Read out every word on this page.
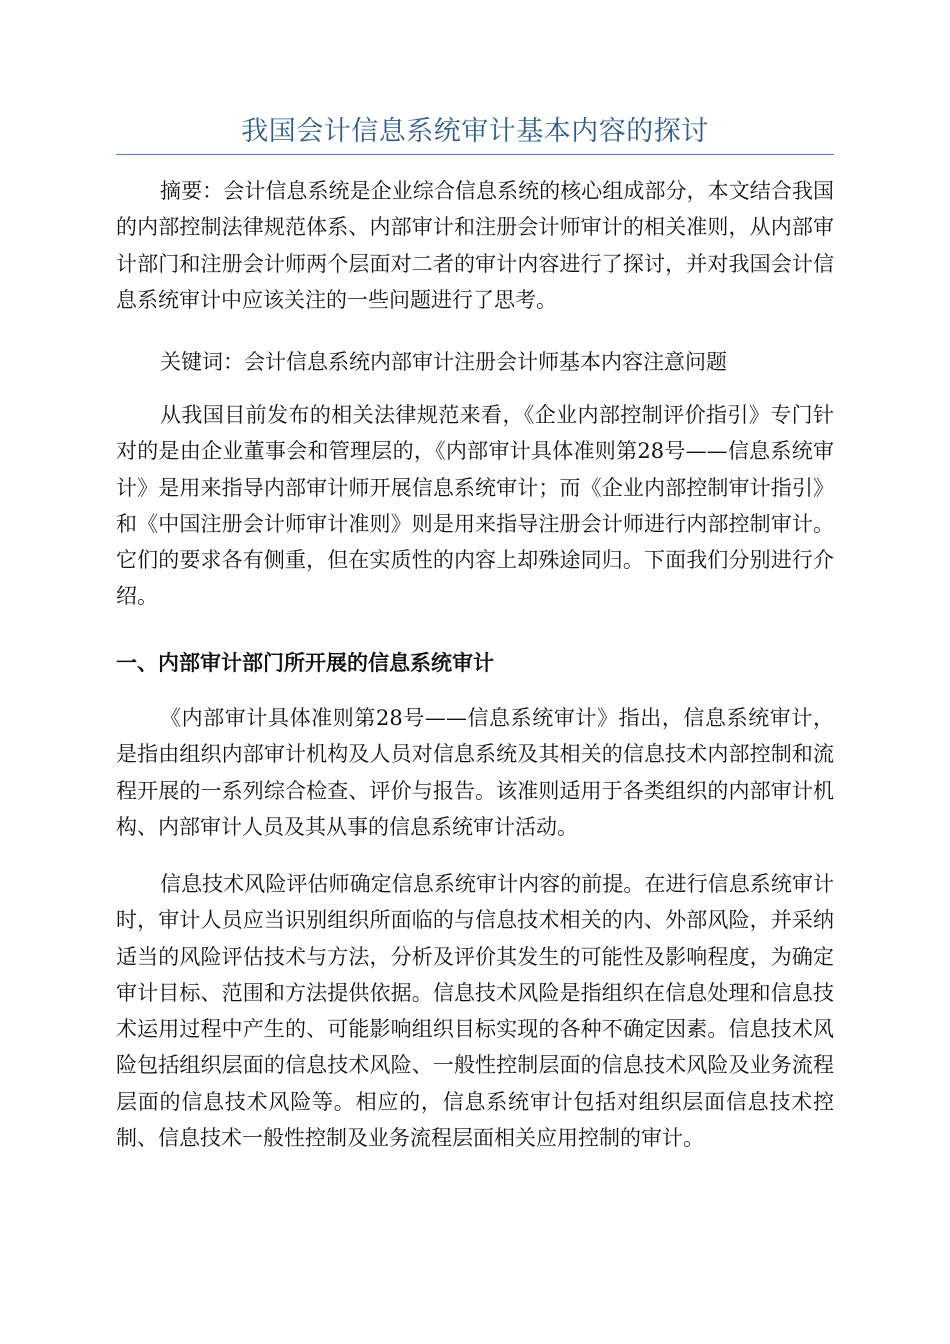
我国会计信息系统审计基本内容的探讨

摘要：会计信息系统是企业综合信息系统的核心组成部分，本文结合我国的内部控制法律规范体系、内部审计和注册会计师审计的相关准则，从内部审计部门和注册会计师两个层面对二者的审计内容进行了探讨，并对我国会计信息系统审计中应该关注的一些问题进行了思考。

关键词：会计信息系统内部审计注册会计师基本内容注意问题

从我国目前发布的相关法律规范来看，《企业内部控制评价指引》专门针对的是由企业董事会和管理层的，《内部审计具体准则第28号——信息系统审计》是用来指导内部审计师开展信息系统审计；而《企业内部控制审计指引》和《中国注册会计师审计准则》则是用来指导注册会计师进行内部控制审计。它们的要求各有侧重，但在实质性的内容上却殊途同归。下面我们分别进行介绍。

一、内部审计部门所开展的信息系统审计

《内部审计具体准则第28号——信息系统审计》指出，信息系统审计，是指由组织内部审计机构及人员对信息系统及其相关的信息技术内部控制和流程开展的一系列综合检查、评价与报告。该准则适用于各类组织的内部审计机构、内部审计人员及其从事的信息系统审计活动。

信息技术风险评估师确定信息系统审计内容的前提。在进行信息系统审计时，审计人员应当识别组织所面临的与信息技术相关的内、外部风险，并采纳适当的风险评估技术与方法，分析及评价其发生的可能性及影响程度，为确定审计目标、范围和方法提供依据。信息技术风险是指组织在信息处理和信息技术运用过程中产生的、可能影响组织目标实现的各种不确定因素。信息技术风险包括组织层面的信息技术风险、一般性控制层面的信息技术风险及业务流程层面的信息技术风险等。相应的，信息系统审计包括对组织层面信息技术控制、信息技术一般性控制及业务流程层面相关应用控制的审计。
